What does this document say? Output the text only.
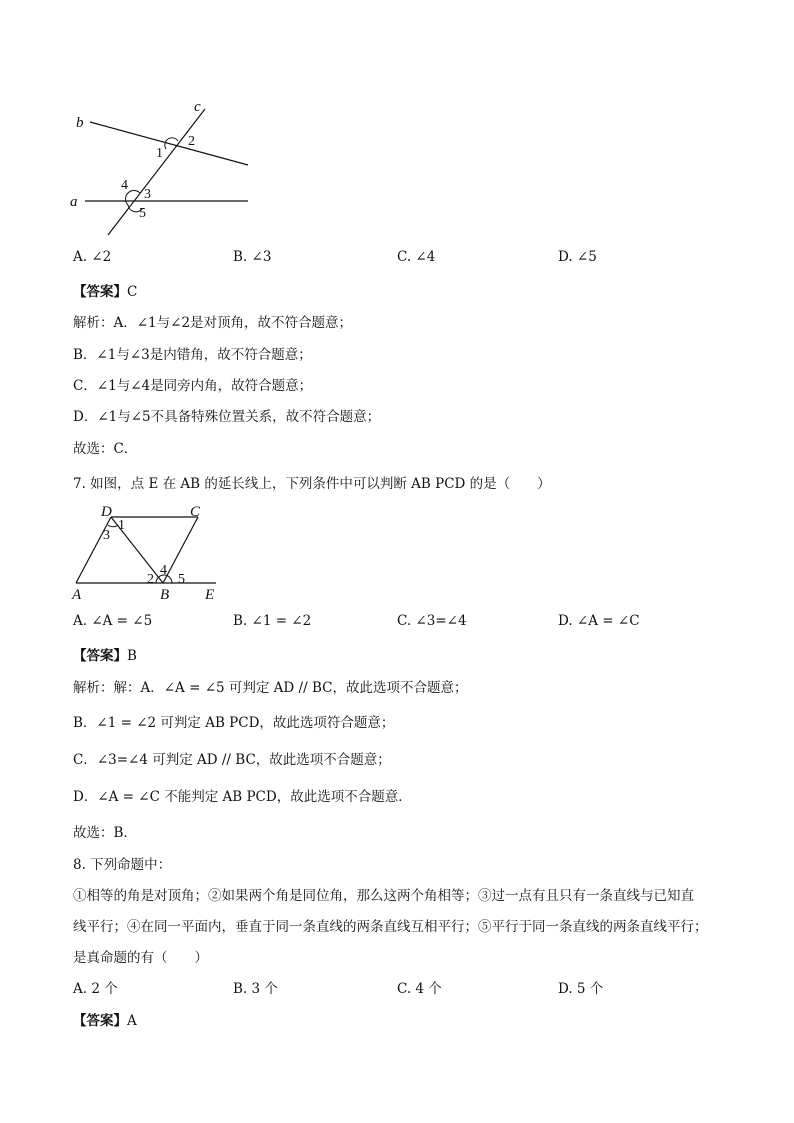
b
c
a
1
2
4
3
5
A. ∠2	B. ∠3	C. ∠4	D. ∠5
【答案】C
解析：A．∠1与∠2是对顶角，故不符合题意；
B．∠1与∠3是内错角，故不符合题意；
C．∠1与∠4是同旁内角，故符合题意；
D．∠1与∠5不具备特殊位置关系，故不符合题意；
故选：C．
7. 如图，点 E 在 AB 的延长线上，下列条件中可以判断 AB PCD 的是（　　）
D	C
A	B E
1
3
4
2 5
A. ∠A = ∠5	B. ∠1 = ∠2	C. ∠3=∠4	D. ∠A = ∠C
【答案】B
解析：解：A．∠A = ∠5 可判定 AD // BC，故此选项不合题意；
B．∠1 = ∠2 可判定 AB PCD，故此选项符合题意；
C．∠3=∠4 可判定 AD // BC，故此选项不合题意；
D．∠A = ∠C 不能判定 AB PCD，故此选项不合题意．
故选：B．
8. 下列命题中：
①相等的角是对顶角；②如果两个角是同位角，那么这两个角相等；③过一点有且只有一条直线与已知直
线平行；④在同一平面内，垂直于同一条直线的两条直线互相平行；⑤平行于同一条直线的两条直线平行；
是真命题的有（　　）
A. 2 个	B. 3 个	C. 4 个	D. 5 个
【答案】A
